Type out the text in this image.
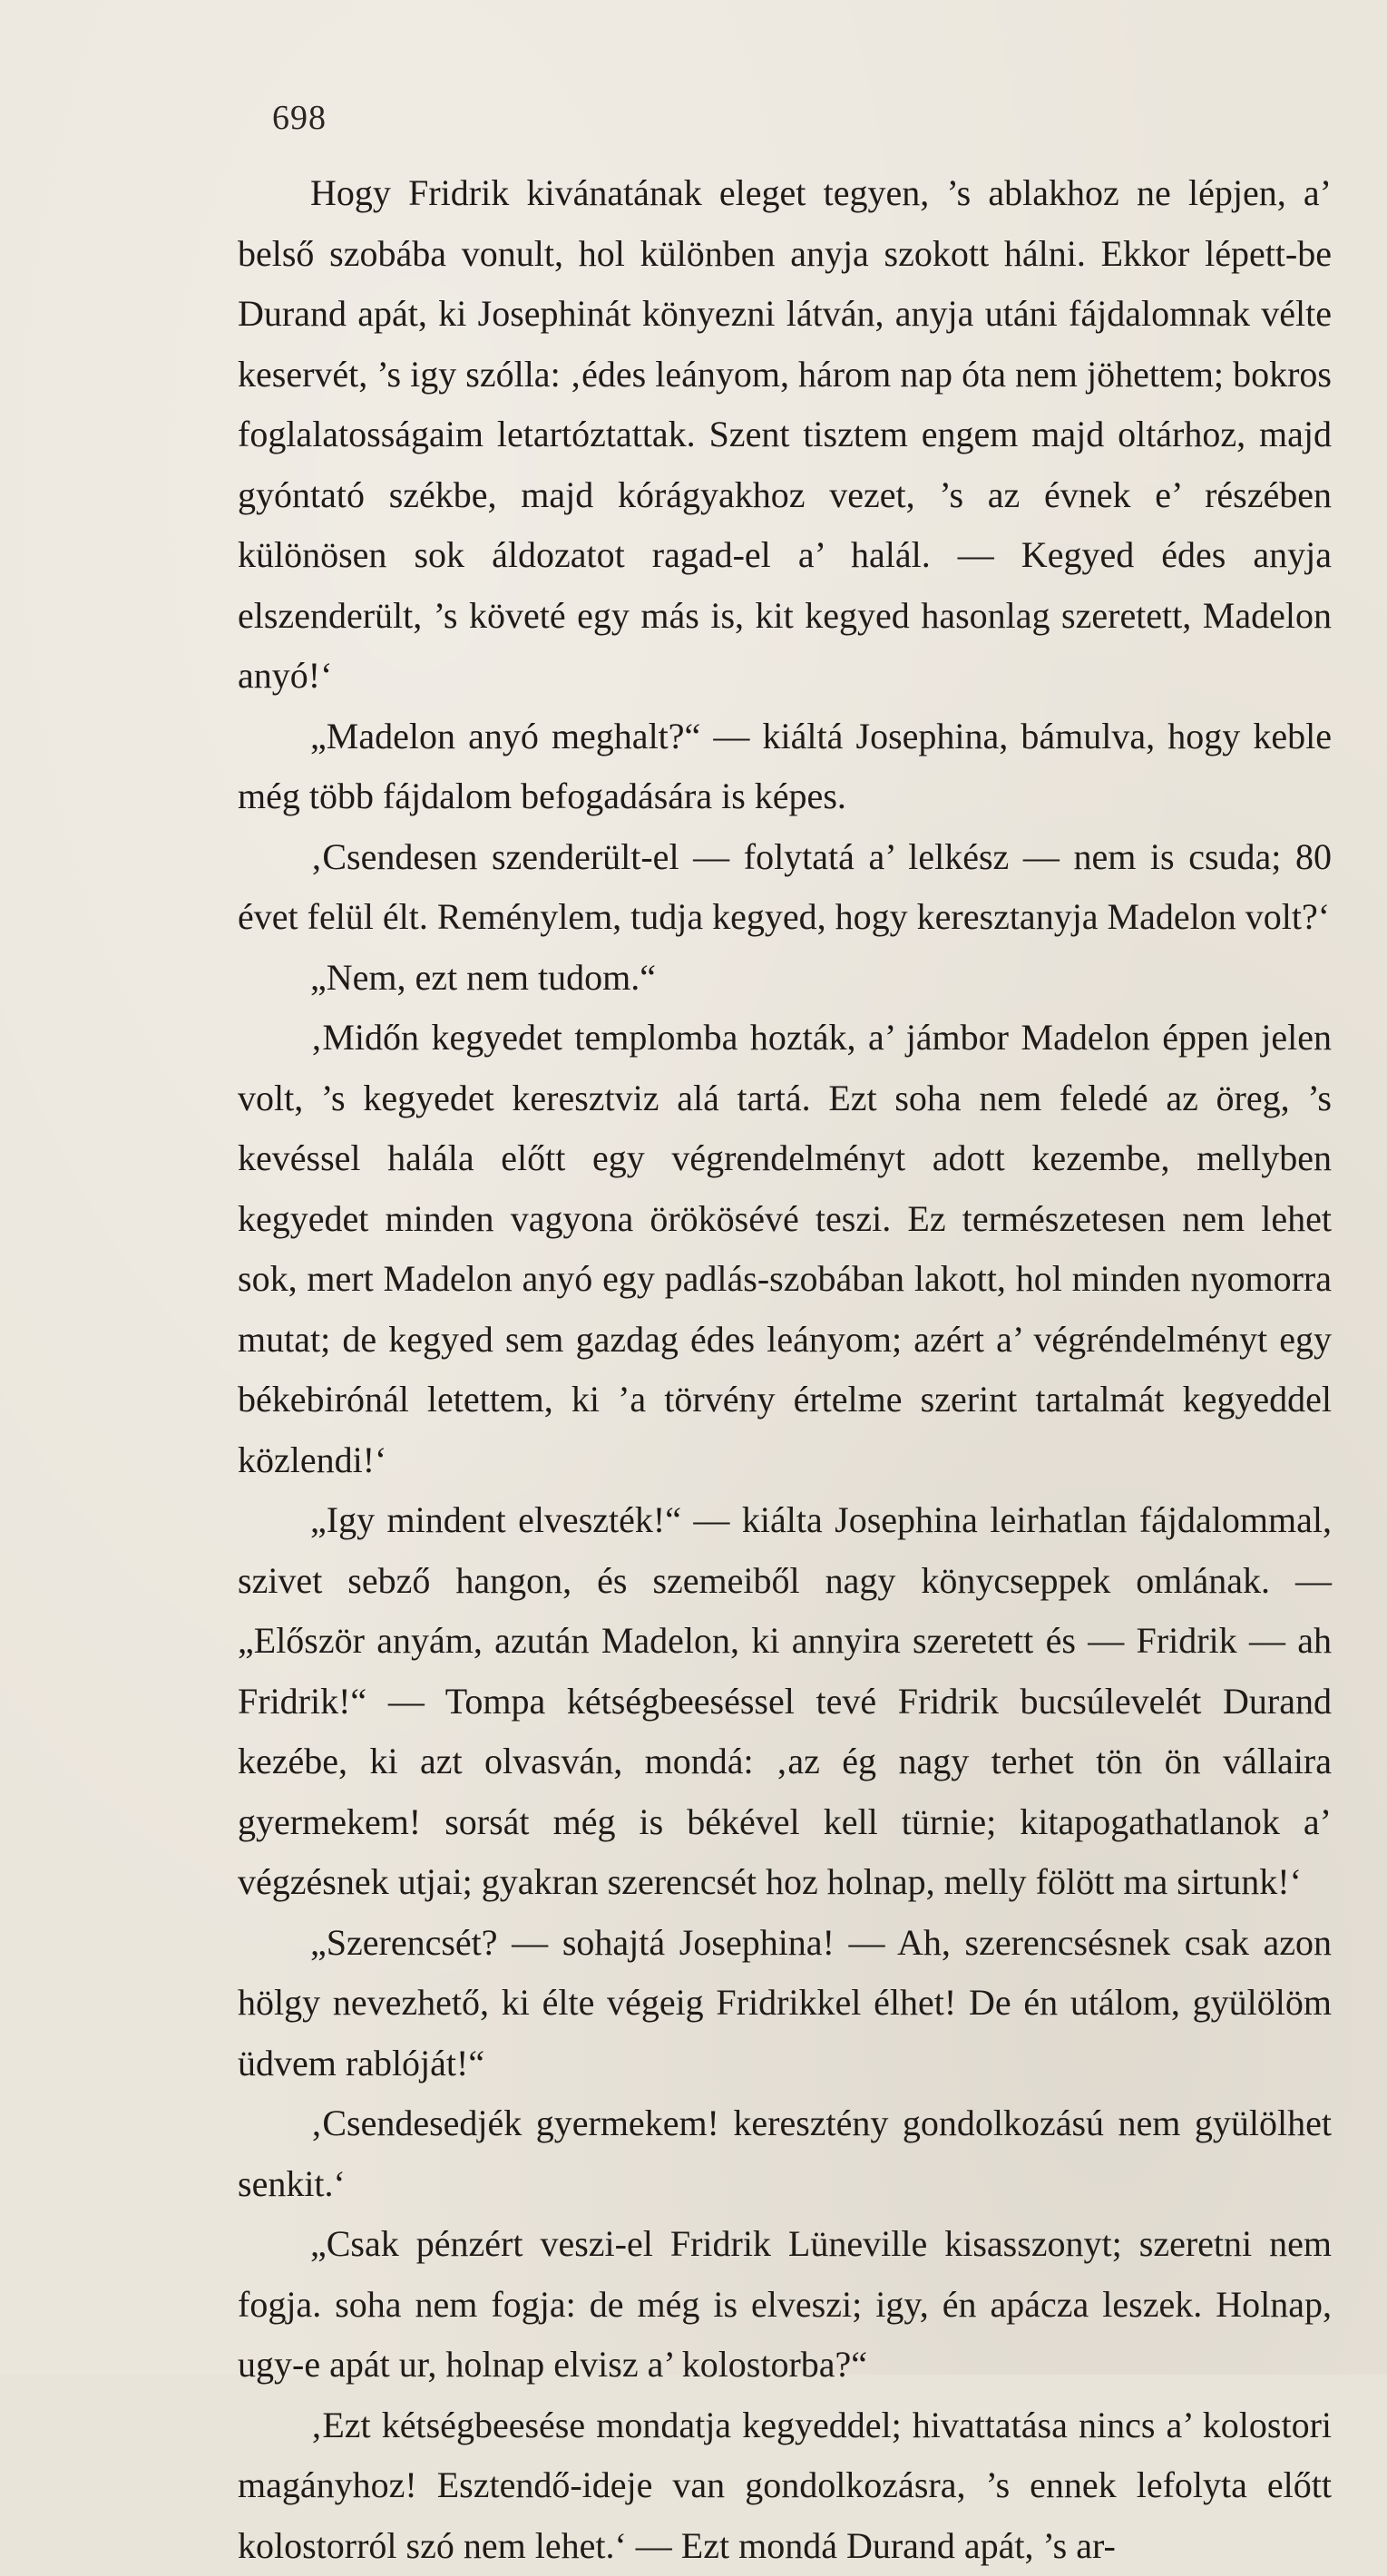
698

Hogy Fridrik kivánatának eleget tegyen, ’s ablakhoz ne lépjen, a’ belső szobába vonult, hol különben anyja szokott hálni. Ekkor lépett-be Durand apát, ki Josephinát könyezni látván, anyja utáni fájdalomnak vélte keservét, ’s igy szólla: ‚édes leányom, három nap óta nem jöhettem; bokros foglalatosságaim letartóztattak. Szent tisztem engem majd oltárhoz, majd gyóntató székbe, majd kórágyakhoz vezet, ’s az évnek e’ részében különösen sok áldozatot ragad-el a’ halál. — Kegyed édes anyja elszenderült, ’s követé egy más is, kit kegyed hasonlag szeretett, Madelon anyó!‘

„Madelon anyó meghalt?“ — kiáltá Josephina, bámulva, hogy keble még több fájdalom befogadására is képes.

‚Csendesen szenderült-el — folytatá a’ lelkész — nem is csuda; 80 évet felül élt. Reménylem, tudja kegyed, hogy keresztanyja Madelon volt?‘

„Nem, ezt nem tudom.“

‚Midőn kegyedet templomba hozták, a’ jámbor Madelon éppen jelen volt, ’s kegyedet keresztviz alá tartá. Ezt soha nem feledé az öreg, ’s kevéssel halála előtt egy végrendelményt adott kezembe, mellyben kegyedet minden vagyona örökösévé teszi. Ez természetesen nem lehet sok, mert Madelon anyó egy padlás-szobában lakott, hol minden nyomorra mutat; de kegyed sem gazdag édes leányom; azért a’ végréndelményt egy békebirónál letettem, ki ’a törvény értelme szerint tartalmát kegyeddel közlendi!‘

„Igy mindent elveszték!“ — kiálta Josephina leirhatlan fájdalommal, szivet sebző hangon, és szemeiből nagy könycseppek omlának. — „Először anyám, azután Madelon, ki annyira szeretett és — Fridrik — ah Fridrik!“ — Tompa kétségbeeséssel tevé Fridrik bucsúlevelét Durand kezébe, ki azt olvasván, mondá: ‚az ég nagy terhet tön ön vállaira gyermekem! sorsát még is békével kell türnie; kitapogathatlanok a’ végzésnek utjai; gyakran szerencsét hoz holnap, melly fölött ma sirtunk!‘

„Szerencsét? — sohajtá Josephina! — Ah, szerencsésnek csak azon hölgy nevezhető, ki élte végeig Fridrikkel élhet! De én utálom, gyülölöm üdvem rablóját!“

‚Csendesedjék gyermekem! keresztény gondolkozású nem gyülölhet senkit.‘

„Csak pénzért veszi-el Fridrik Lüneville kisasszonyt; szeretni nem fogja. soha nem fogja: de még is elveszi; igy, én apácza leszek. Holnap, ugy-e apát ur, holnap elvisz a’ kolostorba?“

‚Ezt kétségbeesése mondatja kegyeddel; hivattatása nincs a’ kolostori magányhoz! Esztendő-ideje van gondolkozásra, ’s ennek lefolyta előtt kolostorról szó nem lehet.‘ — Ezt mondá Durand apát, ’s ar-
